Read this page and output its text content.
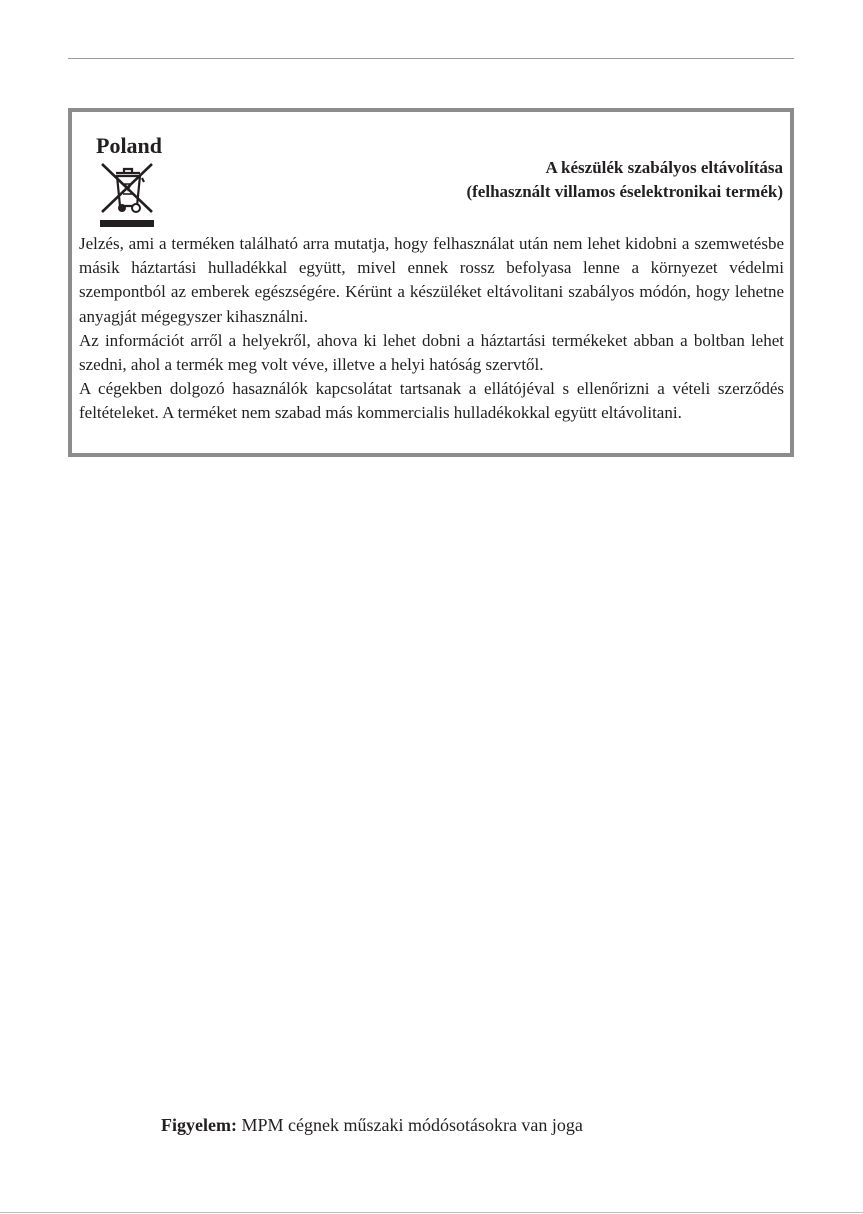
Poland
A készülék szabályos eltávolítása
(felhasznált villamos éselektronikai termék)

Jelzés, ami a terméken található arra mutatja, hogy felhasználat után nem lehet kidobni a szemwetésbe másik háztartási hulladékkal együtt, mivel ennek rossz befolyasa lenne a környezet védelmi szempontból az emberek egészségére. Kérünt a készüléket eltávolitani szabályos módón, hogy lehetne anyagját mégegyszer kihasználni.

Az információt arről a helyekről, ahova ki lehet dobni a háztartási termékeket abban a boltban lehet szedni, ahol a termék meg volt véve, illetve a helyi hatóság szervtől.

A cégekben dolgozó hasaználók kapcsolátat tartsanak a ellátójéval s ellenőrizni a vételi szerződés feltételeket. A terméket nem szabad más kommercialis hulladékokkal együtt eltávolitani.

Figyelem: MPM cégnek műszaki módósotásokra van joga
